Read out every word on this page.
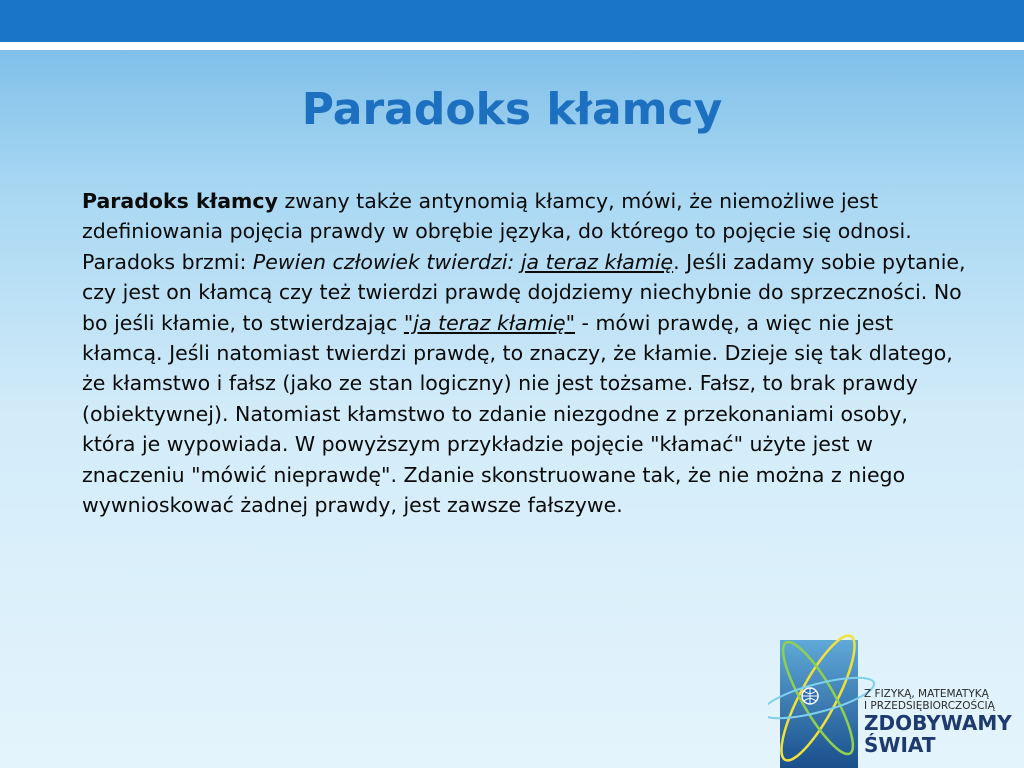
Paradoks kłamcy

Paradoks kłamcy zwany także antynomią kłamcy, mówi, że niemożliwe jest zdefiniowania pojęcia prawdy w obrębie języka, do którego to pojęcie się odnosi. Paradoks brzmi: Pewien człowiek twierdzi: ja teraz kłamię. Jeśli zadamy sobie pytanie, czy jest on kłamcą czy też twierdzi prawdę dojdziemy niechybnie do sprzeczności. No bo jeśli kłamie, to stwierdzając "ja teraz kłamię" - mówi prawdę, a więc nie jest kłamcą. Jeśli natomiast twierdzi prawdę, to znaczy, że kłamie. Dzieje się tak dlatego, że kłamstwo i fałsz (jako ze stan logiczny) nie jest tożsame. Fałsz, to brak prawdy (obiektywnej). Natomiast kłamstwo to zdanie niezgodne z przekonaniami osoby, która je wypowiada. W powyższym przykładzie pojęcie "kłamać" użyte jest w znaczeniu "mówić nieprawdę". Zdanie skonstruowane tak, że nie można z niego wywnioskować żadnej prawdy, jest zawsze fałszywe.

Z FIZYKĄ, MATEMATYKĄ
I PRZEDSIĘBIORCZOŚCIĄ
ZDOBYWAMY
ŚWIAT
